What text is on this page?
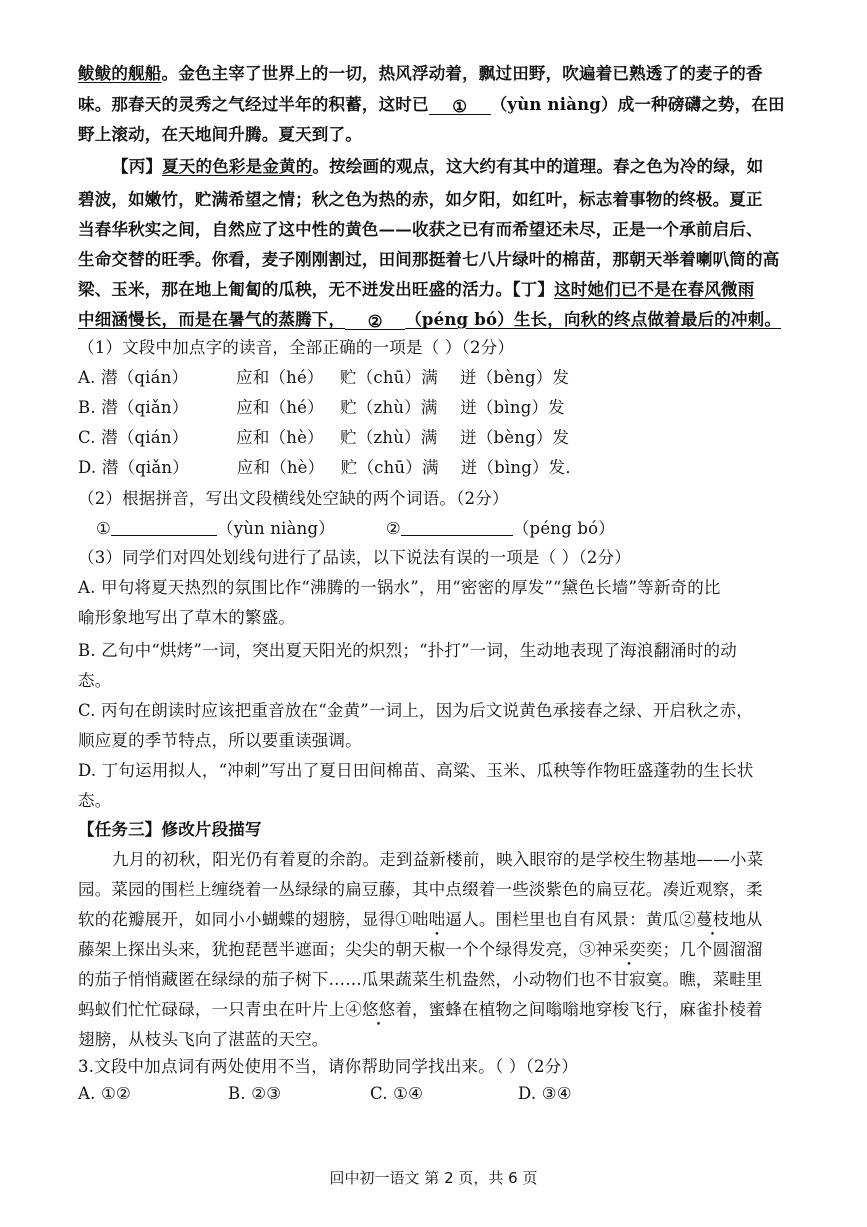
鲅鲅的舰船。金色主宰了世界上的一切，热风浮动着，飘过田野，吹遍着已熟透了的麦子的香
味。那春天的灵秀之气经过半年的积蓄，这时已 ① （yùn niàng）成一种磅礴之势，在田
野上滚动，在天地间升腾。夏天到了。
【丙】夏天的色彩是金黄的。按绘画的观点，这大约有其中的道理。春之色为冷的绿，如
碧波，如嫩竹，贮满希望之情；秋之色为热的赤，如夕阳，如红叶，标志着事物的终极。夏正
当春华秋实之间，自然应了这中性的黄色——收获之已有而希望还未尽，正是一个承前启后、
生命交替的旺季。你看，麦子刚刚割过，田间那挺着七八片绿叶的棉苗，那朝天举着喇叭筒的高
梁、玉米，那在地上匍匐的瓜秧，无不迸发出旺盛的活力。【丁】这时她们已不是在春风微雨
中细涵慢长，而是在暑气的蒸腾下， ② （péng bó）生长，向秋的终点做着最后的冲刺。
（1）文段中加点字的读音，全部正确的一项是（ ）（2分）
A. 潜（qián）	应和（hé） 贮（chū）满 迸（bèng）发
B. 潜（qiǎn）	应和（hé） 贮（zhù）满 迸（bìng）发
C. 潜（qián）	应和（hè） 贮（zhù）满 迸（bèng）发
D. 潜（qiǎn）	应和（hè） 贮（chū）满 迸（bìng）发．
（2）根据拼音，写出文段横线处空缺的两个词语。（2分）
①	（yùn niàng）	②	（péng bó）
（3）同学们对四处划线句进行了品读，以下说法有误的一项是（ ）（2分）
A. 甲句将夏天热烈的氛围比作“沸腾的一锅水”，用“密密的厚发”“黛色长墙”等新奇的比
喻形象地写出了草木的繁盛。
B. 乙句中“烘烤”一词，突出夏天阳光的炽烈；“扑打”一词，生动地表现了海浪翻涌时的动
态。
C. 丙句在朗读时应该把重音放在“金黄”一词上，因为后文说黄色承接春之绿、开启秋之赤，
顺应夏的季节特点，所以要重读强调。
D. 丁句运用拟人，“冲刺”写出了夏日田间棉苗、高粱、玉米、瓜秧等作物旺盛蓬勃的生长状
态。
【任务三】修改片段描写
九月的初秋，阳光仍有着夏的余韵。走到益新楼前，映入眼帘的是学校生物基地——小菜
园。菜园的围栏上缠绕着一丛绿绿的扁豆藤，其中点缀着一些淡紫色的扁豆花。凑近观察，柔
软的花瓣展开，如同小小蝴蝶的翅膀，显得①咄咄逼人。围栏里也自有风景：黄瓜②蔓枝地从
藤架上探出头来，犹抱琵琶半遮面；尖尖的朝天椒一个个绿得发亮，③神采奕奕；几个圆溜溜
的茄子悄悄藏匿在绿绿的茄子树下……瓜果蔬菜生机盎然，小动物们也不甘寂寞。瞧，菜畦里
蚂蚁们忙忙碌碌，一只青虫在叶片上④悠悠着，蜜蜂在植物之间嗡嗡地穿梭飞行，麻雀扑棱着
翅膀，从枝头飞向了湛蓝的天空。
3.文段中加点词有两处使用不当，请你帮助同学找出来。（ ）（2分）
A. ①②	B. ②③	C. ①④	D. ③④
回中初一语文 第 2 页，共 6 页
